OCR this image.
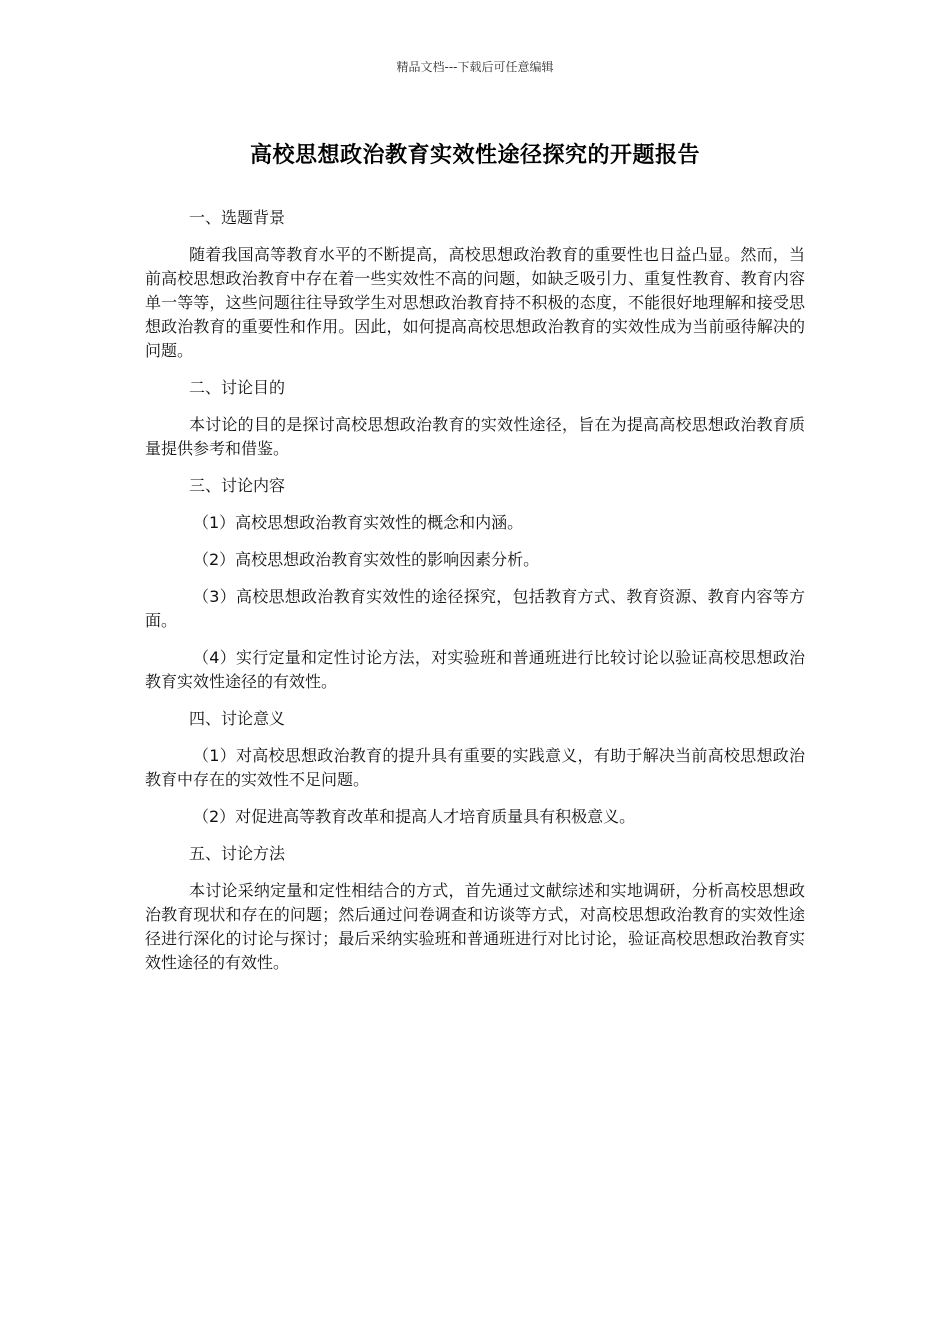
精品文档---下载后可任意编辑
高校思想政治教育实效性途径探究的开题报告

一、选题背景

随着我国高等教育水平的不断提高，高校思想政治教育的重要性也日益凸显。然而，当前高校思想政治教育中存在着一些实效性不高的问题，如缺乏吸引力、重复性教育、教育内容单一等等，这些问题往往导致学生对思想政治教育持不积极的态度，不能很好地理解和接受思想政治教育的重要性和作用。因此，如何提高高校思想政治教育的实效性成为当前亟待解决的问题。

二、讨论目的

本讨论的目的是探讨高校思想政治教育的实效性途径，旨在为提高高校思想政治教育质量提供参考和借鉴。

三、讨论内容

（1）高校思想政治教育实效性的概念和内涵。

（2）高校思想政治教育实效性的影响因素分析。

（3）高校思想政治教育实效性的途径探究，包括教育方式、教育资源、教育内容等方面。

（4）实行定量和定性讨论方法，对实验班和普通班进行比较讨论以验证高校思想政治教育实效性途径的有效性。

四、讨论意义

（1）对高校思想政治教育的提升具有重要的实践意义，有助于解决当前高校思想政治教育中存在的实效性不足问题。

（2）对促进高等教育改革和提高人才培育质量具有积极意义。

五、讨论方法

本讨论采纳定量和定性相结合的方式，首先通过文献综述和实地调研，分析高校思想政治教育现状和存在的问题；然后通过问卷调查和访谈等方式，对高校思想政治教育的实效性途径进行深化的讨论与探讨；最后采纳实验班和普通班进行对比讨论，验证高校思想政治教育实效性途径的有效性。
